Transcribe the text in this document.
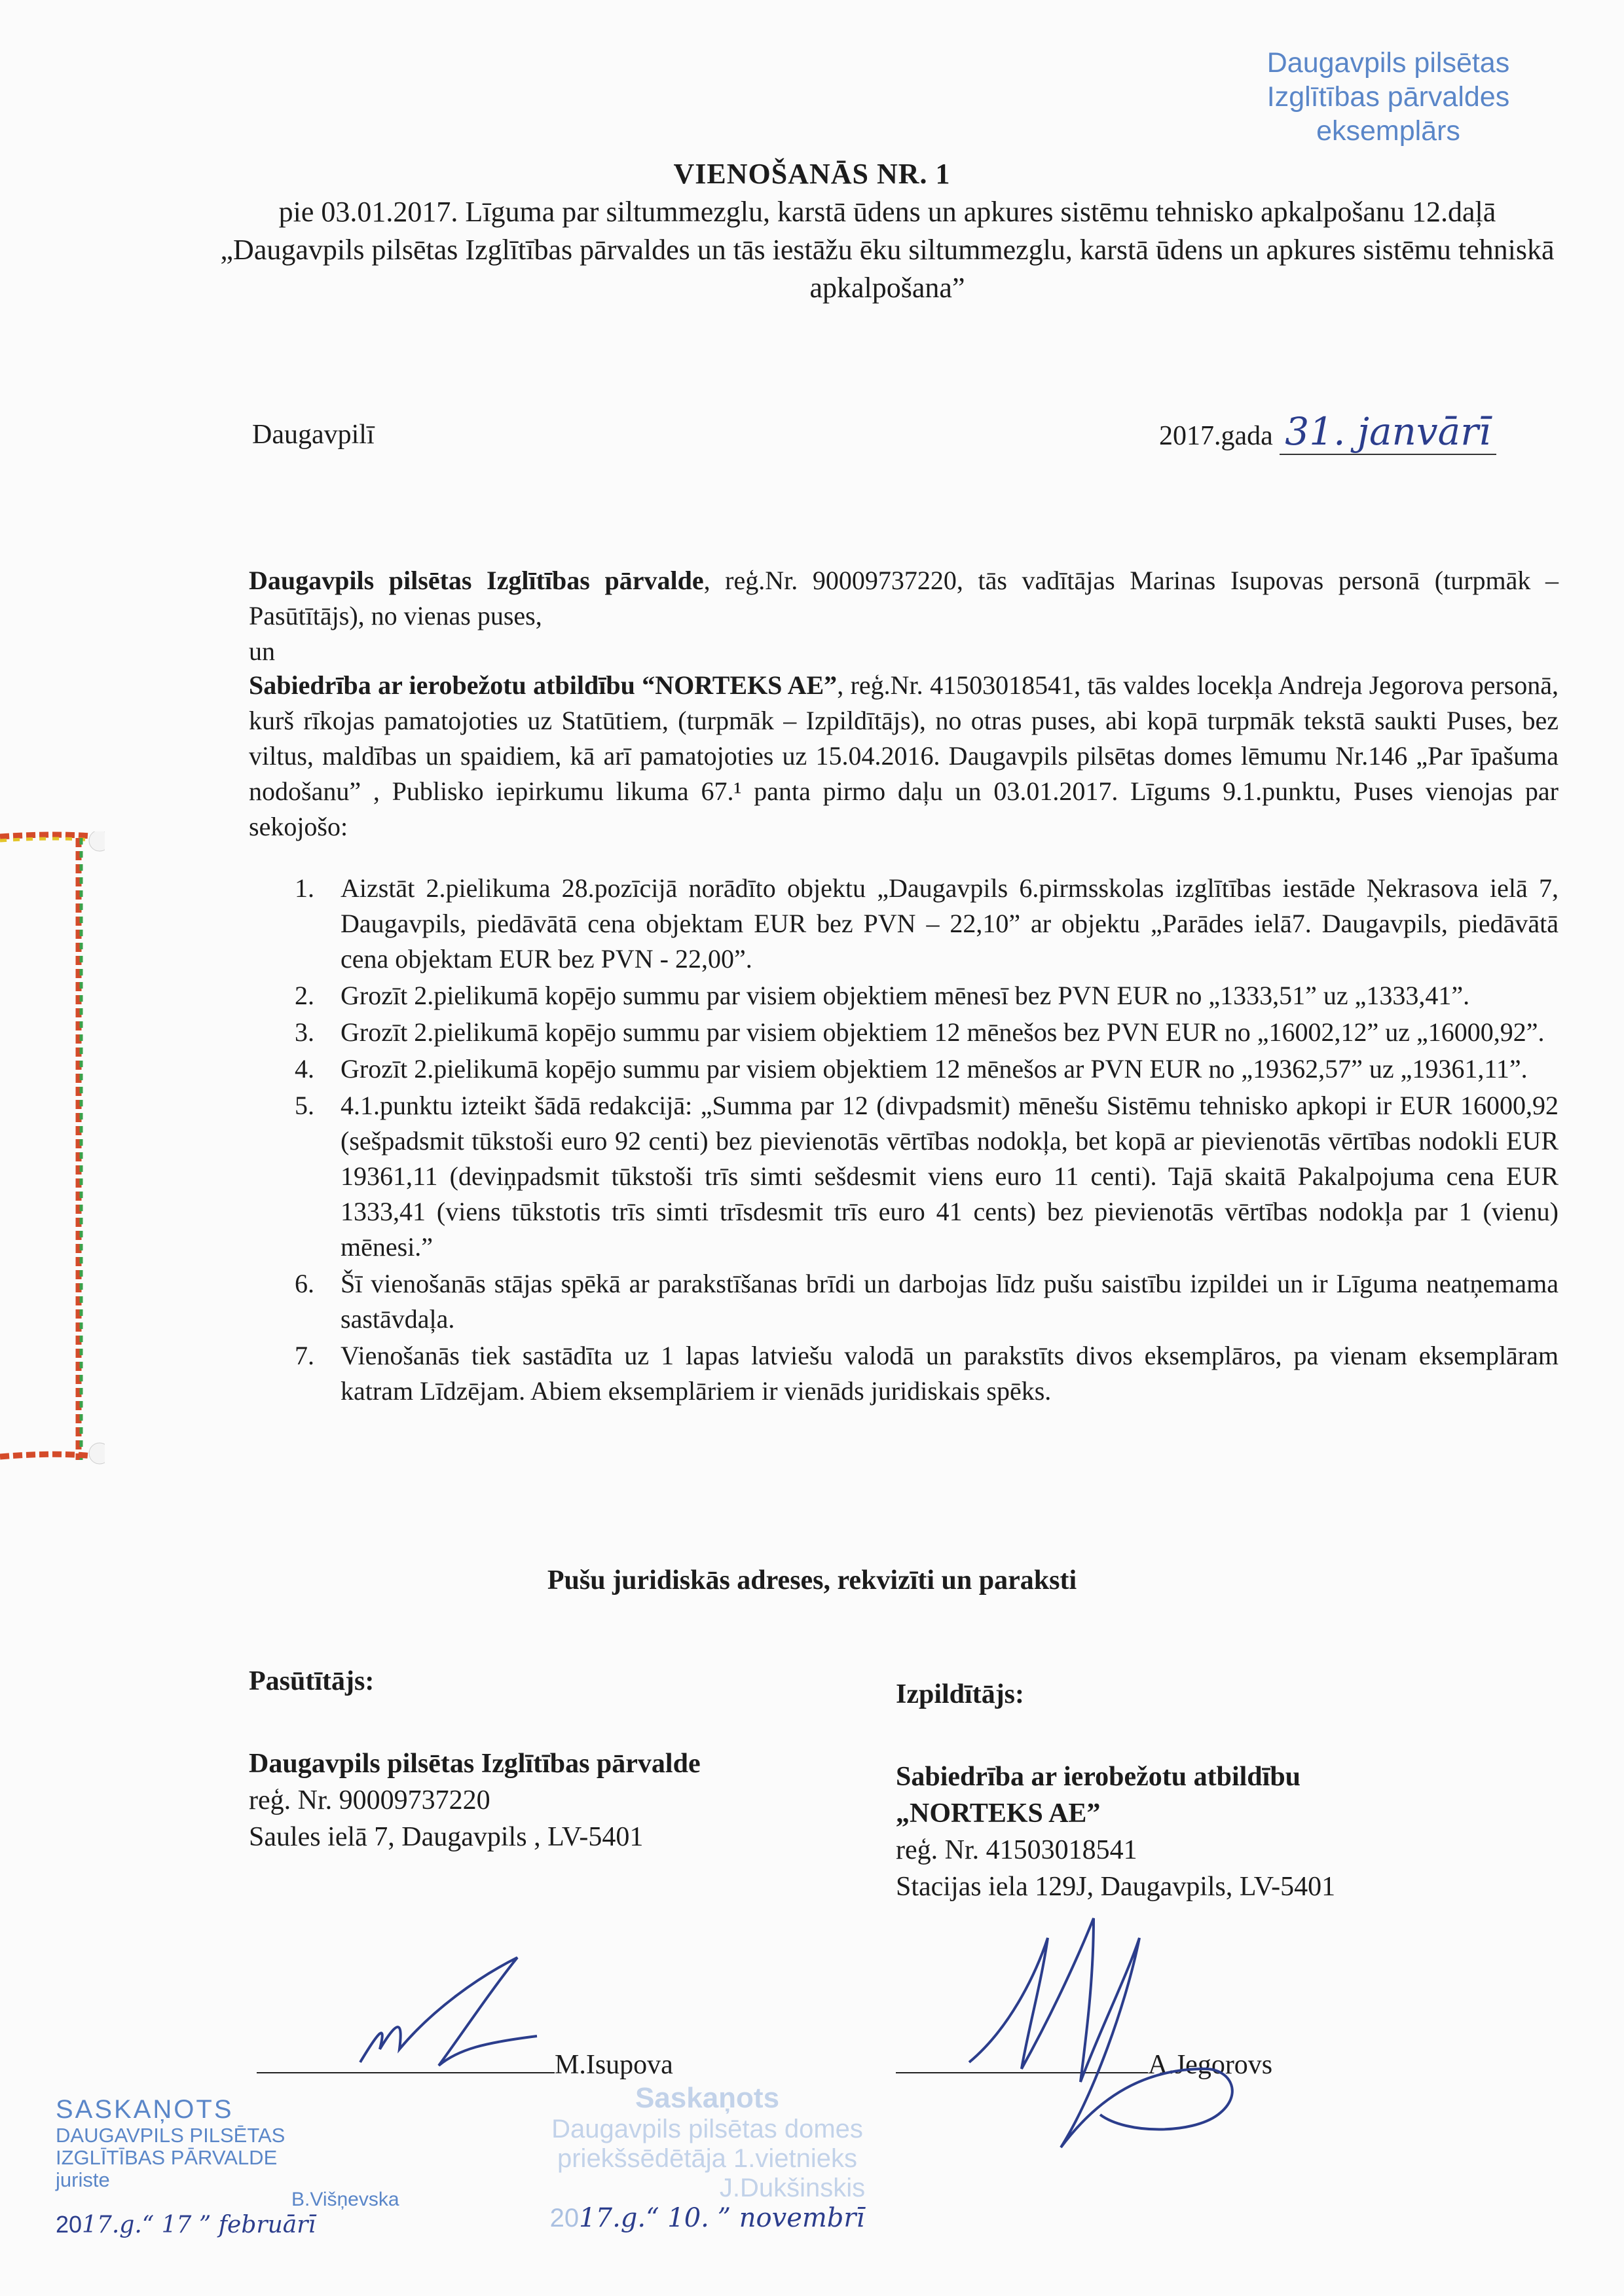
Daugavpils pilsētas
Izglītības pārvaldes
eksemplārs
VIENOŠANĀS NR. 1
pie 03.01.2017. Līguma par siltummezglu, karstā ūdens un apkures sistēmu tehnisko apkalpošanu 12.daļā „Daugavpils pilsētas Izglītības pārvaldes un tās iestāžu ēku siltummezglu, karstā ūdens un apkures sistēmu tehniskā apkalpošana”
Daugavpilī	2017.gada 31. janvārī
Daugavpils pilsētas Izglītības pārvalde, reģ.Nr. 90009737220, tās vadītājas Marinas Isupovas personā (turpmāk – Pasūtītājs), no vienas puses,
un
Sabiedrība ar ierobežotu atbildību “NORTEKS AE”, reģ.Nr. 41503018541, tās valdes locekļa Andreja Jegorova personā, kurš rīkojas pamatojoties uz Statūtiem, (turpmāk – Izpildītājs), no otras puses, abi kopā turpmāk tekstā saukti Puses, bez viltus, maldības un spaidiem, kā arī pamatojoties uz 15.04.2016. Daugavpils pilsētas domes lēmumu Nr.146 „Par īpašuma nodošanu” , Publisko iepirkumu likuma 67.¹ panta pirmo daļu un 03.01.2017. Līgums 9.1.punktu, Puses vienojas par sekojošo:
1. Aizstāt 2.pielikuma 28.pozīcijā norādīto objektu „Daugavpils 6.pirmsskolas izglītības iestāde Ņekrasova ielā 7, Daugavpils, piedāvātā cena objektam EUR bez PVN – 22,10” ar objektu „Parādes ielā7. Daugavpils, piedāvātā cena objektam EUR bez PVN - 22,00”.
2. Grozīt 2.pielikumā kopējo summu par visiem objektiem mēnesī bez PVN EUR no „1333,51” uz „1333,41”.
3. Grozīt 2.pielikumā kopējo summu par visiem objektiem 12 mēnešos bez PVN EUR no „16002,12” uz „16000,92”.
4. Grozīt 2.pielikumā kopējo summu par visiem objektiem 12 mēnešos ar PVN EUR no „19362,57” uz „19361,11”.
5. 4.1.punktu izteikt šādā redakcijā: „Summa par 12 (divpadsmit) mēnešu Sistēmu tehnisko apkopi ir EUR 16000,92 (sešpadsmit tūkstoši euro 92 centi) bez pievienotās vērtības nodokļa, bet kopā ar pievienotās vērtības nodokli EUR 19361,11 (deviņpadsmit tūkstoši trīs simti sešdesmit viens euro 11 centi). Tajā skaitā Pakalpojuma cena EUR 1333,41 (viens tūkstotis trīs simti trīsdesmit trīs euro 41 cents) bez pievienotās vērtības nodokļa par 1 (vienu) mēnesi.”
6. Šī vienošanās stājas spēkā ar parakstīšanas brīdi un darbojas līdz pušu saistību izpildei un ir Līguma neatņemama sastāvdaļa.
7. Vienošanās tiek sastādīta uz 1 lapas latviešu valodā un parakstīts divos eksemplāros, pa vienam eksemplāram katram Līdzējam. Abiem eksemplāriem ir vienāds juridiskais spēks.
Pušu juridiskās adreses, rekvizīti un paraksti
Pasūtītājs:
Daugavpils pilsētas Izglītības pārvalde
reģ. Nr. 90009737220
Saules ielā 7, Daugavpils , LV-5401
Izpildītājs:
Sabiedrība ar ierobežotu atbildību
„NORTEKS AE”
reģ. Nr. 41503018541
Stacijas iela 129J, Daugavpils, LV-5401
M.Isupova	A.Jegorovs
SASKAŅOTS
DAUGAVPILS PILSĒTAS
IZGLĪTĪBAS PĀRVALDE
juriste
B.Višņevska
2017.g.“ 17 ” februārī
Saskaņots
Daugavpils pilsētas domes
priekšsēdētāja 1.vietnieks
J.Dukšinskis
2017.g.“ 10. ” novembrī
